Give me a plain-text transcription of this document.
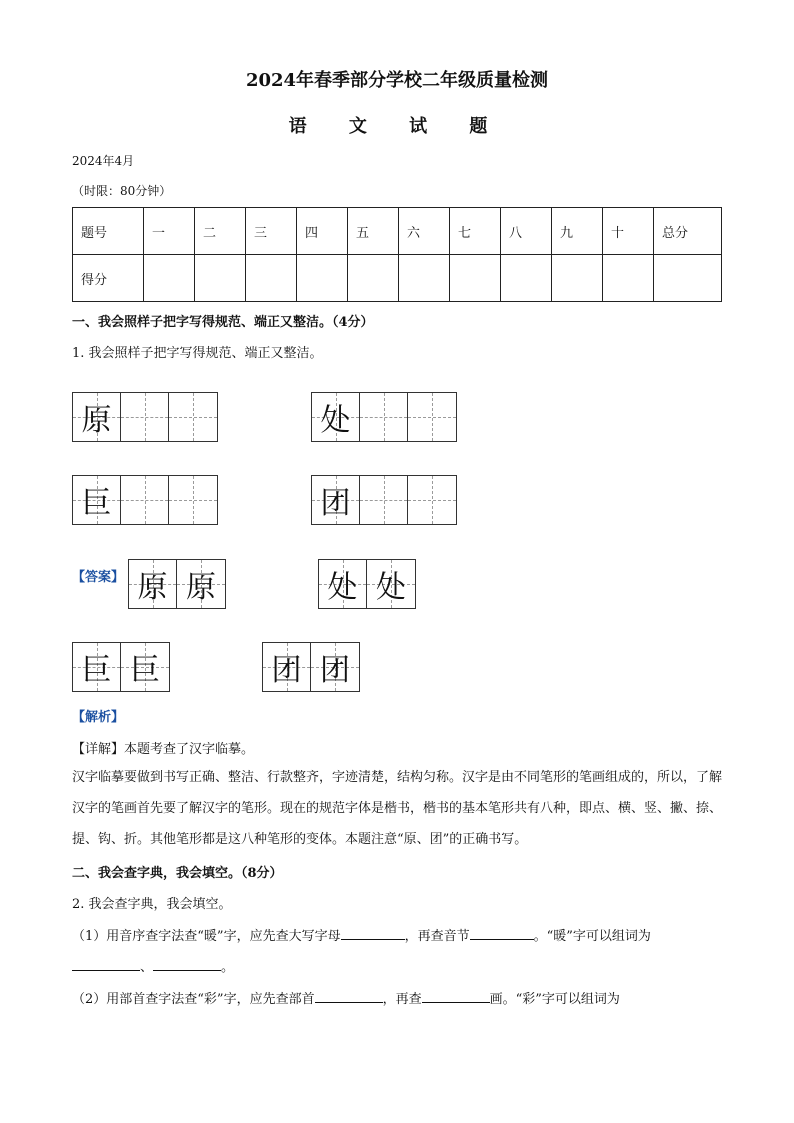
2024年春季部分学校二年级质量检测
语 文 试 题
2024年4月
（时限：80分钟）
题号	一	二	三	四	五	六	七	八	九	十	总分
得分											
一、我会照样子把字写得规范、端正又整洁。（4分）
1. 我会照样子把字写得规范、端正又整洁。
原	处
巨	团
【答案】 原 原	处 处
巨 巨	团 团
【解析】
【详解】本题考查了汉字临摹。
汉字临摹要做到书写正确、整洁、行款整齐，字迹清楚，结构匀称。汉字是由不同笔形的笔画组成的，所以，了解汉字的笔画首先要了解汉字的笔形。现在的规范字体是楷书，楷书的基本笔形共有八种，即点、横、竖、撇、捺、提、钩、折。其他笔形都是这八种笔形的变体。本题注意“原、团”的正确书写。
二、我会查字典，我会填空。（8分）
2. 我会查字典，我会填空。
（1）用音序查字法查“暖”字，应先查大写字母	，再查音节	。“暖”字可以组词为
、	。
（2）用部首查字法查“彩”字，应先查部首	，再查	画。“彩”字可以组词为
